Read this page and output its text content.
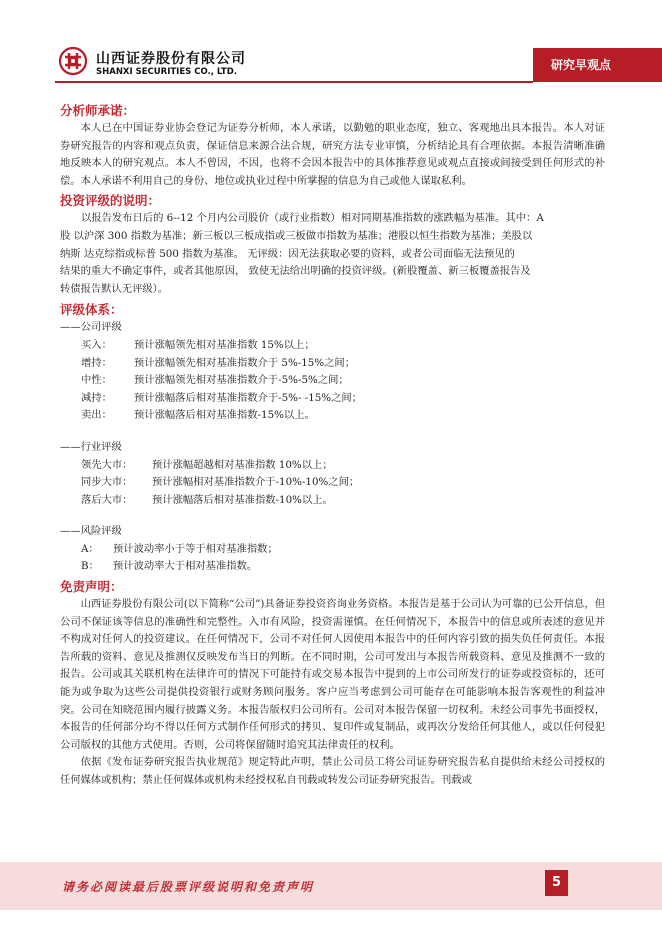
山西证券股份有限公司
SHANXI SECURITIES CO., LTD.	研究早观点
分析师承诺：

本人已在中国证券业协会登记为证券分析师，本人承诺，以勤勉的职业态度，独立、客观地出具本报告。本人对证券研究报告的内容和观点负责，保证信息来源合法合规，研究方法专业审慎，分析结论具有合理依据。本报告清晰准确地反映本人的研究观点。本人不曾因，不因，也将不会因本报告中的具体推荐意见或观点直接或间接受到任何形式的补偿。本人承诺不利用自己的身份、地位或执业过程中所掌握的信息为自己或他人谋取私利。

投资评级的说明：

以报告发布日后的 6--12 个月内公司股价（或行业指数）相对同期基准指数的涨跌幅为基准。其中：A

股 以沪深 300 指数为基准；新三板以三板成指或三板做市指数为基准；港股以恒生指数为基准；美股以

纳斯 达克综指或标普 500 指数为基准。 无评级：因无法获取必要的资料，或者公司面临无法预见的

结果的重大不确定事件，或者其他原因， 致使无法给出明确的投资评级。(新股覆盖、新三板覆盖报告及

转债报告默认无评级）。

评级体系：

——公司评级

买入：	预计涨幅领先相对基准指数 15%以上；

增持：	预计涨幅领先相对基准指数介于 5%-15%之间；

中性：	预计涨幅领先相对基准指数介于-5%-5%之间；

减持：	预计涨幅落后相对基准指数介于-5%- -15%之间；

卖出：	预计涨幅落后相对基准指数-15%以上。

——行业评级

领先大市：	预计涨幅超越相对基准指数 10%以上；

同步大市：	预计涨幅相对基准指数介于-10%-10%之间；

落后大市：	预计涨幅落后相对基准指数-10%以上。

——风险评级

A：	预计波动率小于等于相对基准指数；

B：	预计波动率大于相对基准指数。

免责声明：

山西证券股份有限公司(以下简称“公司”)具备证券投资咨询业务资格。本报告是基于公司认为可靠的已公开信息，但公司不保证该等信息的准确性和完整性。入市有风险，投资需谨慎。在任何情况下，本报告中的信息或所表述的意见并不构成对任何人的投资建议。在任何情况下，公司不对任何人因使用本报告中的任何内容引致的损失负任何责任。本报告所载的资料、意见及推测仅反映发布当日的判断。在不同时期，公司可发出与本报告所载资料、意见及推测不一致的报告。公司或其关联机构在法律许可的情况下可能持有或交易本报告中提到的上市公司所发行的证券或投资标的，还可能为或争取为这些公司提供投资银行或财务顾问服务。客户应当考虑到公司可能存在可能影响本报告客观性的利益冲突。公司在知晓范围内履行披露义务。本报告版权归公司所有。公司对本报告保留一切权利。未经公司事先书面授权，本报告的任何部分均不得以任何方式制作任何形式的拷贝、复印件或复制品，或再次分发给任何其他人，或以任何侵犯公司版权的其他方式使用。否则，公司将保留随时追究其法律责任的权利。

依据《发布证券研究报告执业规范》规定特此声明，禁止公司员工将公司证券研究报告私自提供给未经公司授权的任何媒体或机构；禁止任何媒体或机构未经授权私自刊载或转发公司证券研究报告。刊载或

请务必阅读最后股票评级说明和免责声明	5
